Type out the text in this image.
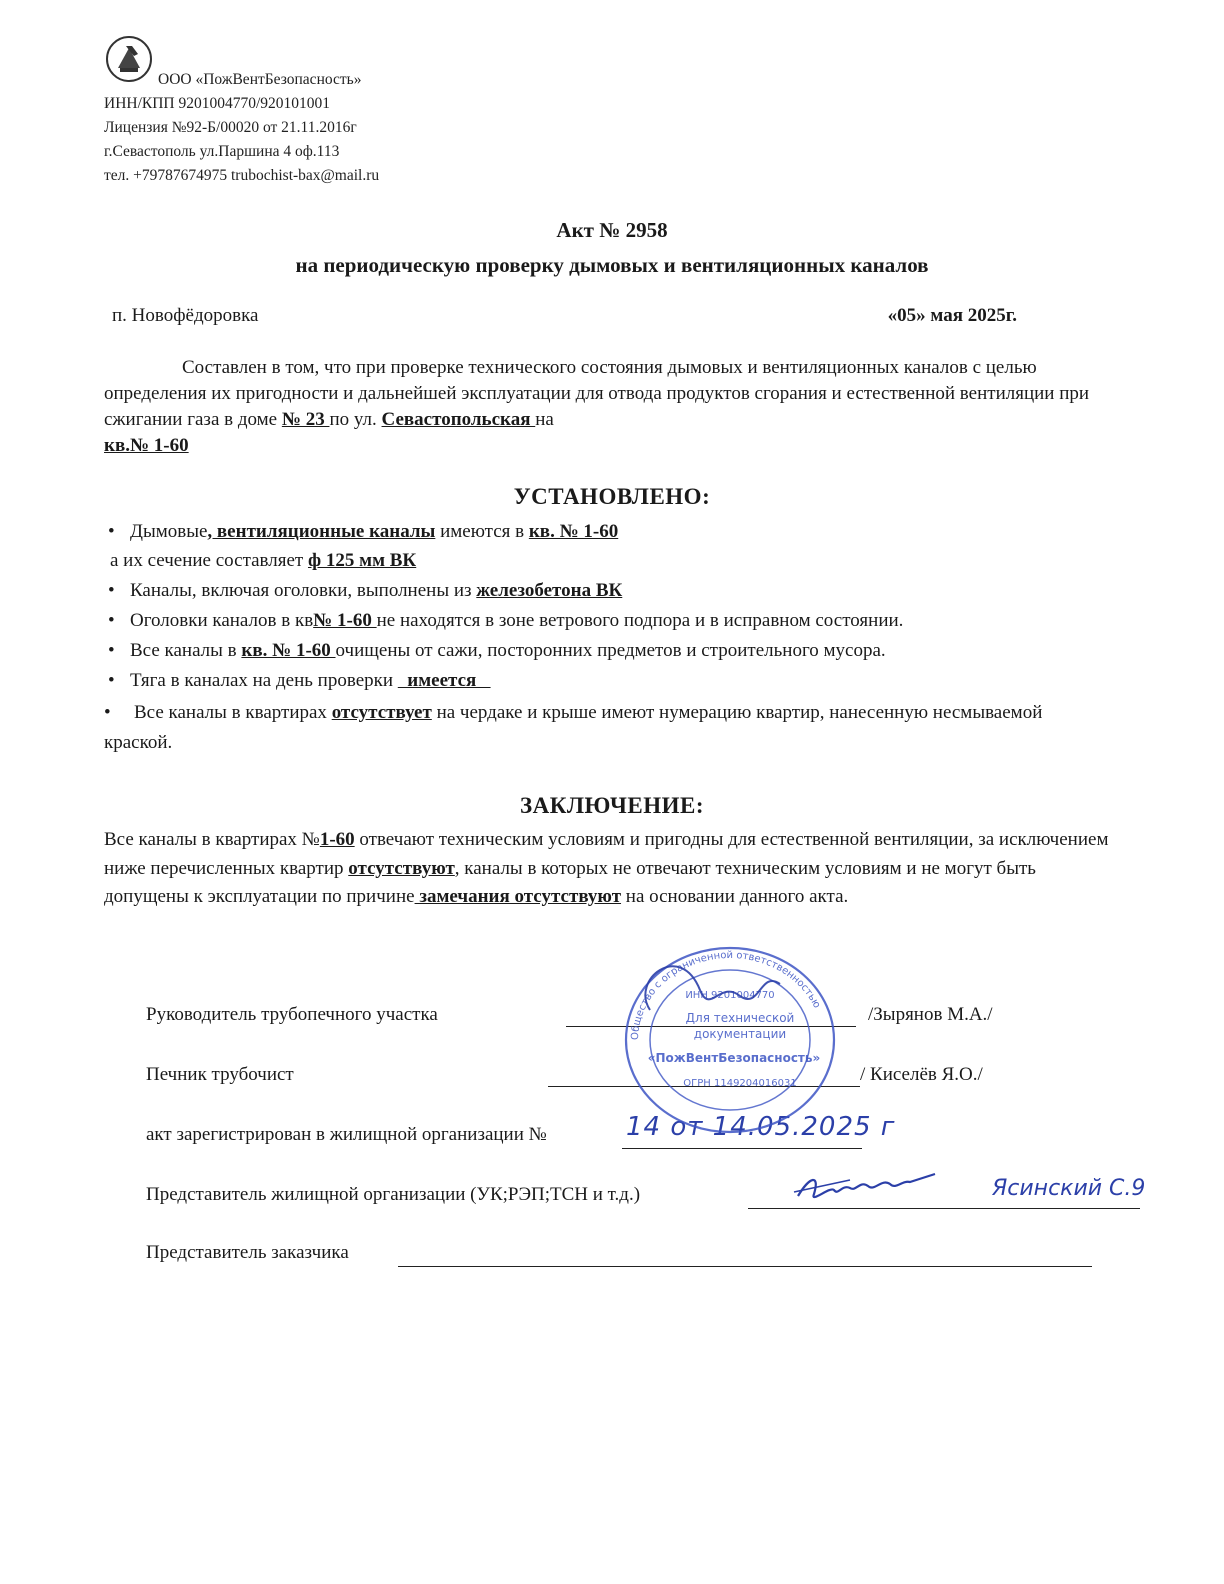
ООО «ПожВентБезопасность»
ИНН/КПП 9201004770/920101001
Лицензия №92-Б/00020 от 21.11.2016г
г.Севастополь ул.Паршина 4 оф.113
тел. +79787674975 trubochist-bax@mail.ru
Акт № 2958
на периодическую проверку дымовых и вентиляционных каналов
п. Новофёдоровка	«05» мая 2025г.
Составлен в том, что при проверке технического состояния дымовых и вентиляционных каналов с целью определения их пригодности и дальнейшей эксплуатации для отвода продуктов сгорания и естественной вентиляции при сжигании газа в доме № 23 по ул. Севастопольская на
кв.№ 1-60
УСТАНОВЛЕНО:
• Дымовые, вентиляционные каналы имеются в кв. № 1-60
а их сечение составляет ф 125 мм ВК
• Каналы, включая оголовки, выполнены из железобетона ВК
• Оголовки каналов в кв№ 1-60 не находятся в зоне ветрового подпора и в исправном состоянии.
• Все каналы в кв. № 1-60 очищены от сажи, посторонних предметов и строительного мусора.
• Тяга в каналах на день проверки   имеется
• Все каналы в квартирах отсутствует на чердаке и крыше имеют нумерацию квартир, нанесенную несмываемой краской.
ЗАКЛЮЧЕНИЕ:
Все каналы в квартирах №1-60 отвечают техническим условиям и пригодны для естественной вентиляции, за исключением ниже перечисленных квартир отсутствуют, каналы в которых не отвечают техническим условиям и не могут быть допущены к эксплуатации по причине замечания отсутствуют на основании данного акта.
Руководитель трубопечного участка	/Зырянов М.А./
Печник трубочист	/ Киселёв Я.О./
акт зарегистрирован в жилищной организации №	14 от 14.05.2025 г
Представитель жилищной организации (УК;РЭП;ТСН и т.д.)	Ясинский С.9
Представитель заказчика
Общество с ограниченной ответственностью
ИНН 9201004770
Для технической
документации
«ПожВентБезопасность»
ОГРН 1149204016031
